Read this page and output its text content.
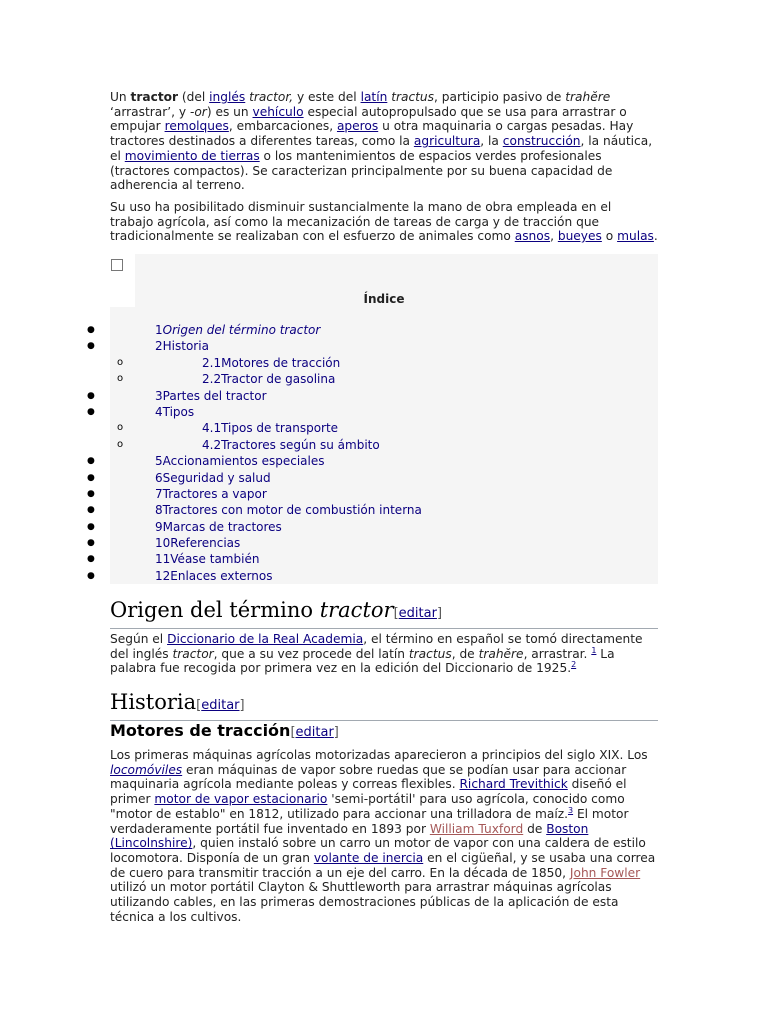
Un tractor (del inglés tractor, y este del latín tractus, participio pasivo de trahĕre ‘arrastrar’, y -or) es un vehículo especial autopropulsado que se usa para arrastrar o empujar remolques, embarcaciones, aperos u otra maquinaria o cargas pesadas. Hay tractores destinados a diferentes tareas, como la agricultura, la construcción, la náutica, el movimiento de tierras o los mantenimientos de espacios verdes profesionales (tractores compactos). Se caracterizan principalmente por su buena capacidad de adherencia al terreno.

Su uso ha posibilitado disminuir sustancialmente la mano de obra empleada en el trabajo agrícola, así como la mecanización de tareas de carga y de tracción que tradicionalmente se realizaban con el esfuerzo de animales como asnos, bueyes o mulas.

Índice
●	1Origen del término tractor
●	2Historia
o	2.1Motores de tracción
o	2.2Tractor de gasolina
●	3Partes del tractor
●	4Tipos
o	4.1Tipos de transporte
o	4.2Tractores según su ámbito
●	5Accionamientos especiales
●	6Seguridad y salud
●	7Tractores a vapor
●	8Tractores con motor de combustión interna
●	9Marcas de tractores
●	10Referencias
●	11Véase también
●	12Enlaces externos
Origen del término tractor[editar]

Según el Diccionario de la Real Academia, el término en español se tomó directamente del inglés tractor, que a su vez procede del latín tractus, de trahĕre, arrastrar. $^1$ La palabra fue recogida por primera vez en la edición del Diccionario de 1925.$^2$

Historia[editar]
Motores de tracción[editar]

Los primeras máquinas agrícolas motorizadas aparecieron a principios del siglo XIX. Los locomóviles eran máquinas de vapor sobre ruedas que se podían usar para accionar maquinaria agrícola mediante poleas y correas flexibles. Richard Trevithick diseñó el primer motor de vapor estacionario 'semi-portátil' para uso agrícola, conocido como "motor de establo" en 1812, utilizado para accionar una trilladora de maíz.$^3$ El motor verdaderamente portátil fue inventado en 1893 por William Tuxford de Boston (Lincolnshire), quien instaló sobre un carro un motor de vapor con una caldera de estilo locomotora. Disponía de un gran volante de inercia en el cigüeñal, y se usaba una correa de cuero para transmitir tracción a un eje del carro. En la década de 1850, John Fowler utilizó un motor portátil Clayton & Shuttleworth para arrastrar máquinas agrícolas utilizando cables, en las primeras demostraciones públicas de la aplicación de esta técnica a los cultivos.
